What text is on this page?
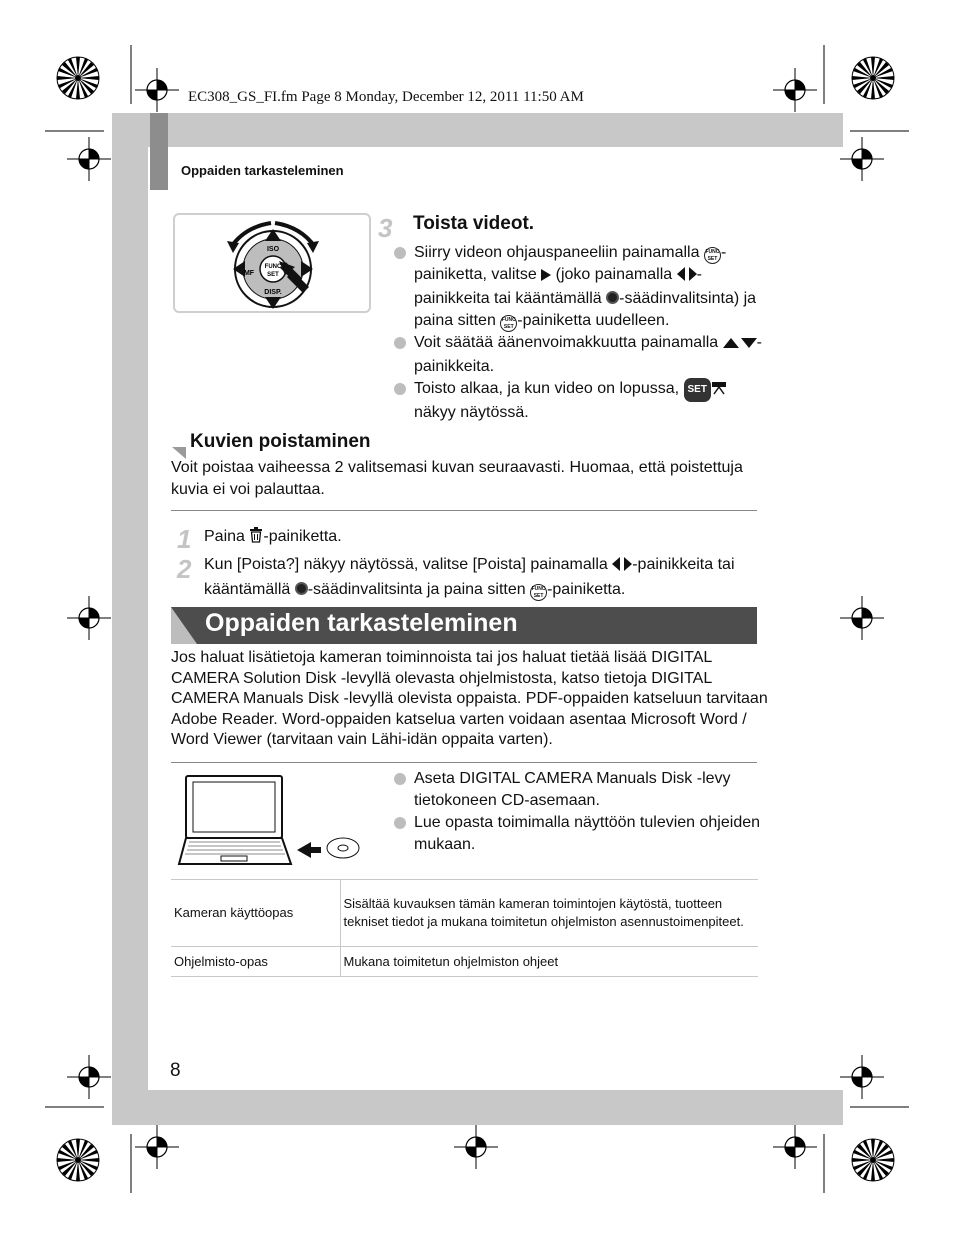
EC308_GS_FI.fm Page 8 Monday, December 12, 2011 11:50 AM
Oppaiden tarkasteleminen
ISO
FUNC
SET
MF
DISP.
3 Toista videot.
Siirry videon ohjauspaneeliin painamalla FUNC
SET -painiketta, valitse  (joko painamalla -painikkeita tai kääntämällä -säädinvalitsinta) ja paina sitten FUNC
SET -painiketta uudelleen.
Voit säätää äänenvoimakkuutta painamalla -painikkeita.
Toisto alkaa, ja kun video on lopussa, SET näkyy näytössä.
Kuvien poistaminen
Voit poistaa vaiheessa 2 valitsemasi kuvan seuraavasti. Huomaa, että poistettuja kuvia ei voi palauttaa.
1 Paina -painiketta.
2 Kun [Poista?] näkyy näytössä, valitse [Poista] painamalla -painikkeita tai kääntämällä -säädinvalitsinta ja paina sitten FUNC
SET -painiketta.
Oppaiden tarkasteleminen
Jos haluat lisätietoja kameran toiminnoista tai jos haluat tietää lisää DIGITAL CAMERA Solution Disk -levyllä olevasta ohjelmistosta, katso tietoja DIGITAL CAMERA Manuals Disk -levyllä olevista oppaista. PDF-oppaiden katseluun tarvitaan Adobe Reader. Word-oppaiden katselua varten voidaan asentaa Microsoft Word / Word Viewer (tarvitaan vain Lähi-idän oppaita varten).
Aseta DIGITAL CAMERA Manuals Disk -levy tietokoneen CD-asemaan.
Lue opasta toimimalla näyttöön tulevien ohjeiden mukaan.
Kameran käyttöopas	Sisältää kuvauksen tämän kameran toimintojen käytöstä, tuotteen tekniset tiedot ja mukana toimitetun ohjelmiston asennustoimenpiteet.
Ohjelmisto-opas	Mukana toimitetun ohjelmiston ohjeet
8
